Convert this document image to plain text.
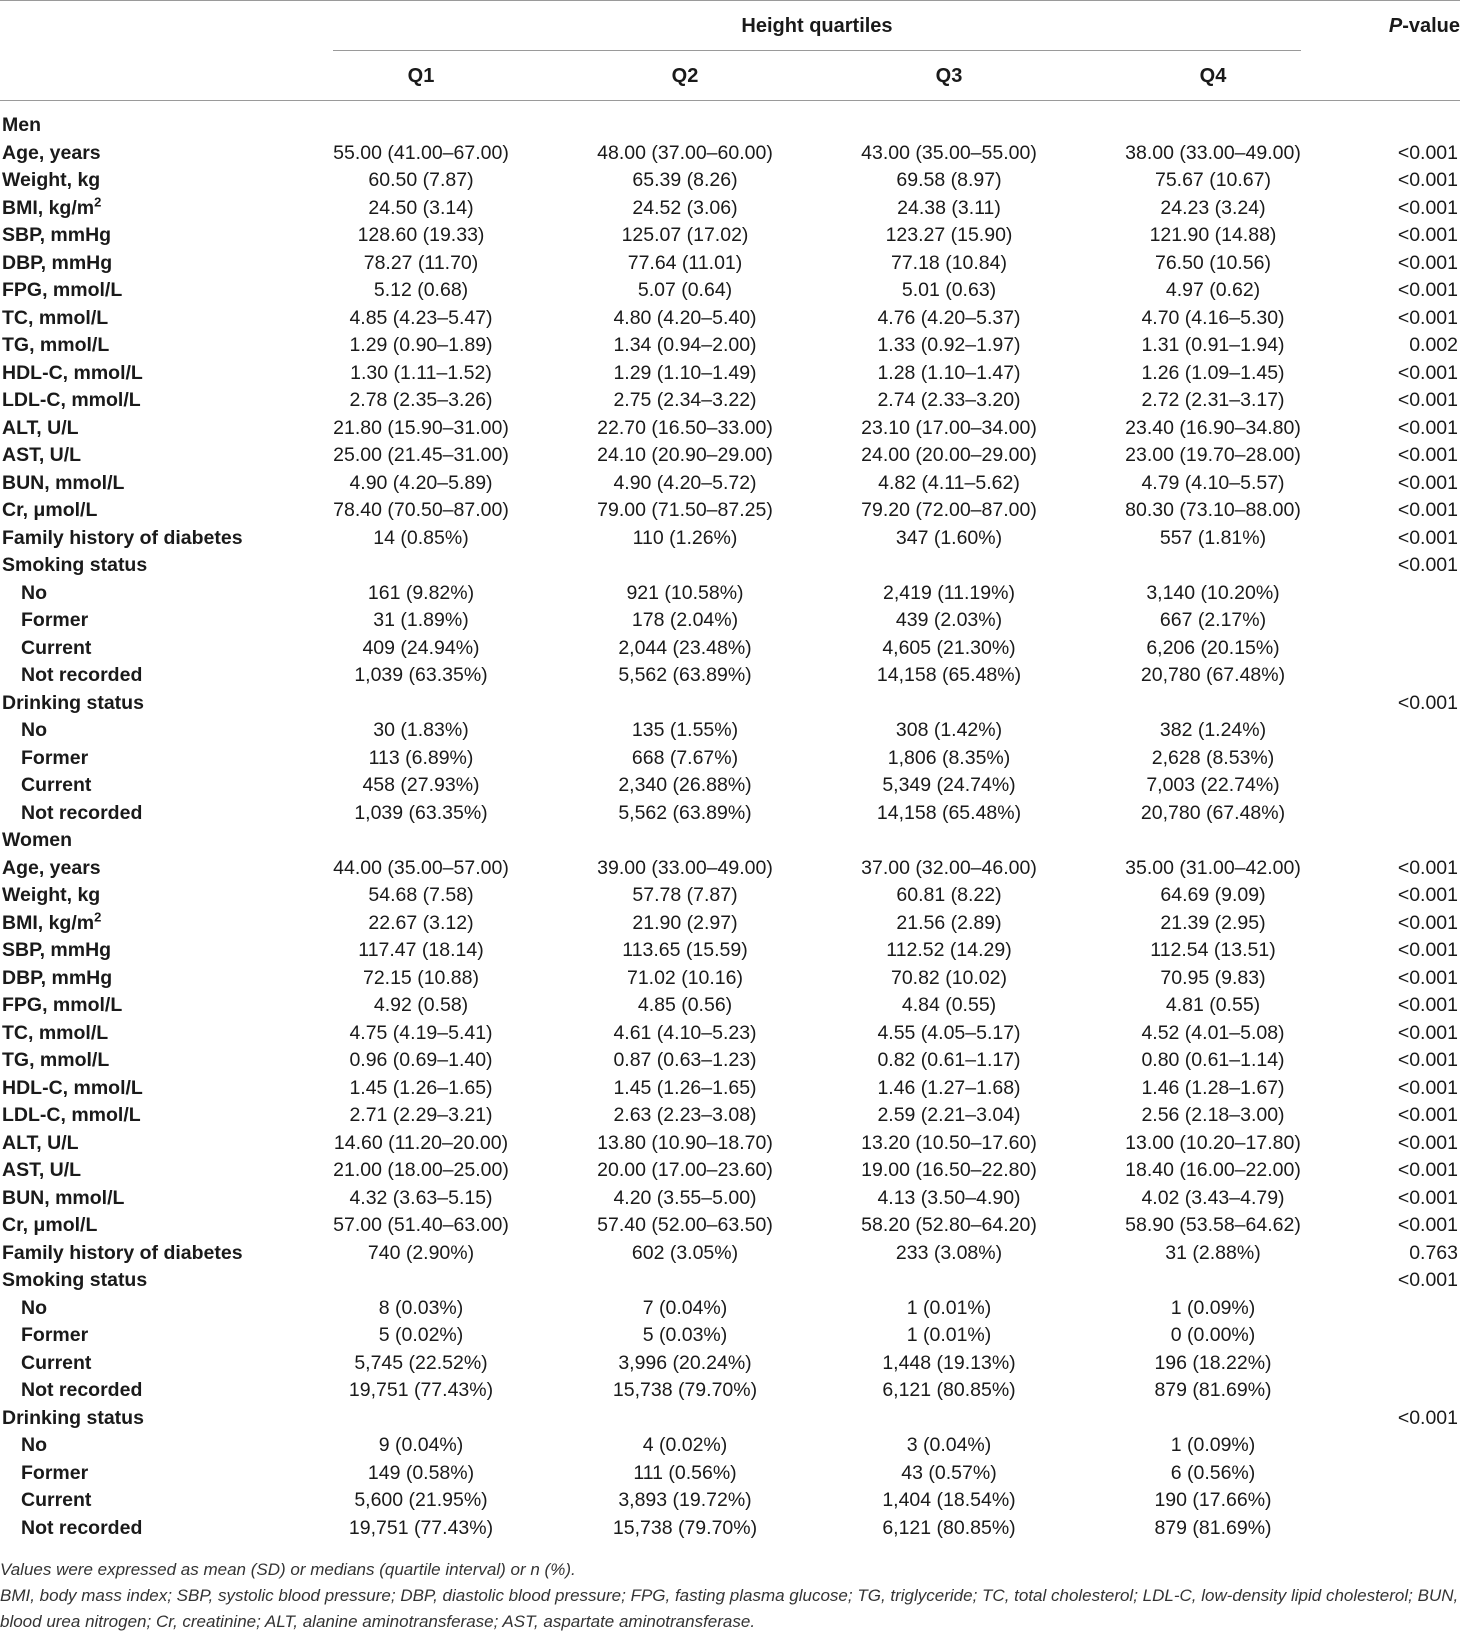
Height quartiles	P-value
Q1	Q2	Q3	Q4
Men								
Age, years	55.00 (41.00–67.00)		48.00 (37.00–60.00)		43.00 (35.00–55.00)		38.00 (33.00–49.00)	<0.001
Weight, kg	60.50 (7.87)		65.39 (8.26)		69.58 (8.97)		75.67 (10.67)	<0.001
BMI, $kg/m^2$	24.50 (3.14)		24.52 (3.06)		24.38 (3.11)		24.23 (3.24)	<0.001
SBP, mmHg	128.60 (19.33)		125.07 (17.02)		123.27 (15.90)		121.90 (14.88)	<0.001
DBP, mmHg	78.27 (11.70)		77.64 (11.01)		77.18 (10.84)		76.50 (10.56)	<0.001
FPG, mmol/L	5.12 (0.68)		5.07 (0.64)		5.01 (0.63)		4.97 (0.62)	<0.001
TC, mmol/L	4.85 (4.23–5.47)		4.80 (4.20–5.40)		4.76 (4.20–5.37)		4.70 (4.16–5.30)	<0.001
TG, mmol/L	1.29 (0.90–1.89)		1.34 (0.94–2.00)		1.33 (0.92–1.97)		1.31 (0.91–1.94)	0.002
HDL-C, mmol/L	1.30 (1.11–1.52)		1.29 (1.10–1.49)		1.28 (1.10–1.47)		1.26 (1.09–1.45)	<0.001
LDL-C, mmol/L	2.78 (2.35–3.26)		2.75 (2.34–3.22)		2.74 (2.33–3.20)		2.72 (2.31–3.17)	<0.001
ALT, U/L	21.80 (15.90–31.00)		22.70 (16.50–33.00)		23.10 (17.00–34.00)		23.40 (16.90–34.80)	<0.001
AST, U/L	25.00 (21.45–31.00)		24.10 (20.90–29.00)		24.00 (20.00–29.00)		23.00 (19.70–28.00)	<0.001
BUN, mmol/L	4.90 (4.20–5.89)		4.90 (4.20–5.72)		4.82 (4.11–5.62)		4.79 (4.10–5.57)	<0.001
Cr, μmol/L	78.40 (70.50–87.00)		79.00 (71.50–87.25)		79.20 (72.00–87.00)		80.30 (73.10–88.00)	<0.001
Family history of diabetes	14 (0.85%)		110 (1.26%)		347 (1.60%)		557 (1.81%)	<0.001
Smoking status								<0.001
No	161 (9.82%)		921 (10.58%)		2,419 (11.19%)		3,140 (10.20%)	
Former	31 (1.89%)		178 (2.04%)		439 (2.03%)		667 (2.17%)	
Current	409 (24.94%)		2,044 (23.48%)		4,605 (21.30%)		6,206 (20.15%)	
Not recorded	1,039 (63.35%)		5,562 (63.89%)		14,158 (65.48%)		20,780 (67.48%)	
Drinking status								<0.001
No	30 (1.83%)		135 (1.55%)		308 (1.42%)		382 (1.24%)	
Former	113 (6.89%)		668 (7.67%)		1,806 (8.35%)		2,628 (8.53%)	
Current	458 (27.93%)		2,340 (26.88%)		5,349 (24.74%)		7,003 (22.74%)	
Not recorded	1,039 (63.35%)		5,562 (63.89%)		14,158 (65.48%)		20,780 (67.48%)	
Women								
Age, years	44.00 (35.00–57.00)		39.00 (33.00–49.00)		37.00 (32.00–46.00)		35.00 (31.00–42.00)	<0.001
Weight, kg	54.68 (7.58)		57.78 (7.87)		60.81 (8.22)		64.69 (9.09)	<0.001
BMI, $kg/m^2$	22.67 (3.12)		21.90 (2.97)		21.56 (2.89)		21.39 (2.95)	<0.001
SBP, mmHg	117.47 (18.14)		113.65 (15.59)		112.52 (14.29)		112.54 (13.51)	<0.001
DBP, mmHg	72.15 (10.88)		71.02 (10.16)		70.82 (10.02)		70.95 (9.83)	<0.001
FPG, mmol/L	4.92 (0.58)		4.85 (0.56)		4.84 (0.55)		4.81 (0.55)	<0.001
TC, mmol/L	4.75 (4.19–5.41)		4.61 (4.10–5.23)		4.55 (4.05–5.17)		4.52 (4.01–5.08)	<0.001
TG, mmol/L	0.96 (0.69–1.40)		0.87 (0.63–1.23)		0.82 (0.61–1.17)		0.80 (0.61–1.14)	<0.001
HDL-C, mmol/L	1.45 (1.26–1.65)		1.45 (1.26–1.65)		1.46 (1.27–1.68)		1.46 (1.28–1.67)	<0.001
LDL-C, mmol/L	2.71 (2.29–3.21)		2.63 (2.23–3.08)		2.59 (2.21–3.04)		2.56 (2.18–3.00)	<0.001
ALT, U/L	14.60 (11.20–20.00)		13.80 (10.90–18.70)		13.20 (10.50–17.60)		13.00 (10.20–17.80)	<0.001
AST, U/L	21.00 (18.00–25.00)		20.00 (17.00–23.60)		19.00 (16.50–22.80)		18.40 (16.00–22.00)	<0.001
BUN, mmol/L	4.32 (3.63–5.15)		4.20 (3.55–5.00)		4.13 (3.50–4.90)		4.02 (3.43–4.79)	<0.001
Cr, μmol/L	57.00 (51.40–63.00)		57.40 (52.00–63.50)		58.20 (52.80–64.20)		58.90 (53.58–64.62)	<0.001
Family history of diabetes	740 (2.90%)		602 (3.05%)		233 (3.08%)		31 (2.88%)	0.763
Smoking status								<0.001
No	8 (0.03%)		7 (0.04%)		1 (0.01%)		1 (0.09%)	
Former	5 (0.02%)		5 (0.03%)		1 (0.01%)		0 (0.00%)	
Current	5,745 (22.52%)		3,996 (20.24%)		1,448 (19.13%)		196 (18.22%)	
Not recorded	19,751 (77.43%)		15,738 (79.70%)		6,121 (80.85%)		879 (81.69%)	
Drinking status								<0.001
No	9 (0.04%)		4 (0.02%)		3 (0.04%)		1 (0.09%)	
Former	149 (0.58%)		111 (0.56%)		43 (0.57%)		6 (0.56%)	
Current	5,600 (21.95%)		3,893 (19.72%)		1,404 (18.54%)		190 (17.66%)	
Not recorded	19,751 (77.43%)		15,738 (79.70%)		6,121 (80.85%)		879 (81.69%)	

Values were expressed as mean (SD) or medians (quartile interval) or n (%).

BMI, body mass index; SBP, systolic blood pressure; DBP, diastolic blood pressure; FPG, fasting plasma glucose; TG, triglyceride; TC, total cholesterol; LDL-C, low-density lipid cholesterol; BUN, blood urea nitrogen; Cr, creatinine; ALT, alanine aminotransferase; AST, aspartate aminotransferase.
